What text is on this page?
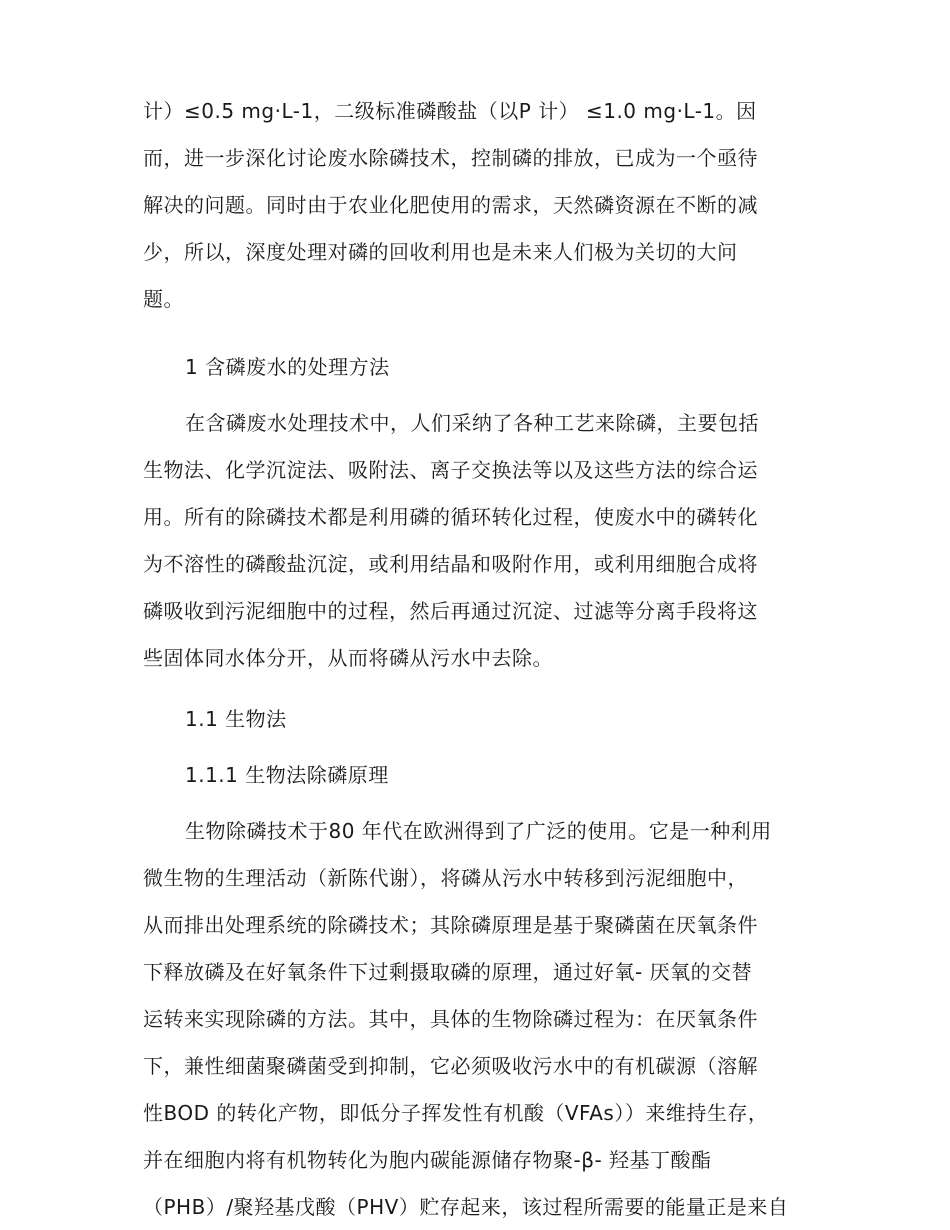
计）≤0.5 mg·L-1，二级标准磷酸盐（以P 计） ≤1.0 mg·L-1。因
而，进一步深化讨论废水除磷技术，控制磷的排放，已成为一个亟待
解决的问题。同时由于农业化肥使用的需求，天然磷资源在不断的减
少，所以，深度处理对磷的回收利用也是未来人们极为关切的大问
题。
1 含磷废水的处理方法
在含磷废水处理技术中，人们采纳了各种工艺来除磷，主要包括
生物法、化学沉淀法、吸附法、离子交换法等以及这些方法的综合运
用。所有的除磷技术都是利用磷的循环转化过程，使废水中的磷转化
为不溶性的磷酸盐沉淀，或利用结晶和吸附作用，或利用细胞合成将
磷吸收到污泥细胞中的过程，然后再通过沉淀、过滤等分离手段将这
些固体同水体分开，从而将磷从污水中去除。
1.1 生物法
1.1.1 生物法除磷原理
生物除磷技术于80 年代在欧洲得到了广泛的使用。它是一种利用
微生物的生理活动（新陈代谢），将磷从污水中转移到污泥细胞中，
从而排出处理系统的除磷技术；其除磷原理是基于聚磷菌在厌氧条件
下释放磷及在好氧条件下过剩摄取磷的原理，通过好氧- 厌氧的交替
运转来实现除磷的方法。其中，具体的生物除磷过程为：在厌氧条件
下，兼性细菌聚磷菌受到抑制，它必须吸收污水中的有机碳源（溶解
性BOD 的转化产物，即低分子挥发性有机酸（VFAs））来维持生存，
并在细胞内将有机物转化为胞内碳能源储存物聚-β- 羟基丁酸酯
（PHB）/聚羟基戊酸（PHV）贮存起来，该过程所需要的能量正是来自
